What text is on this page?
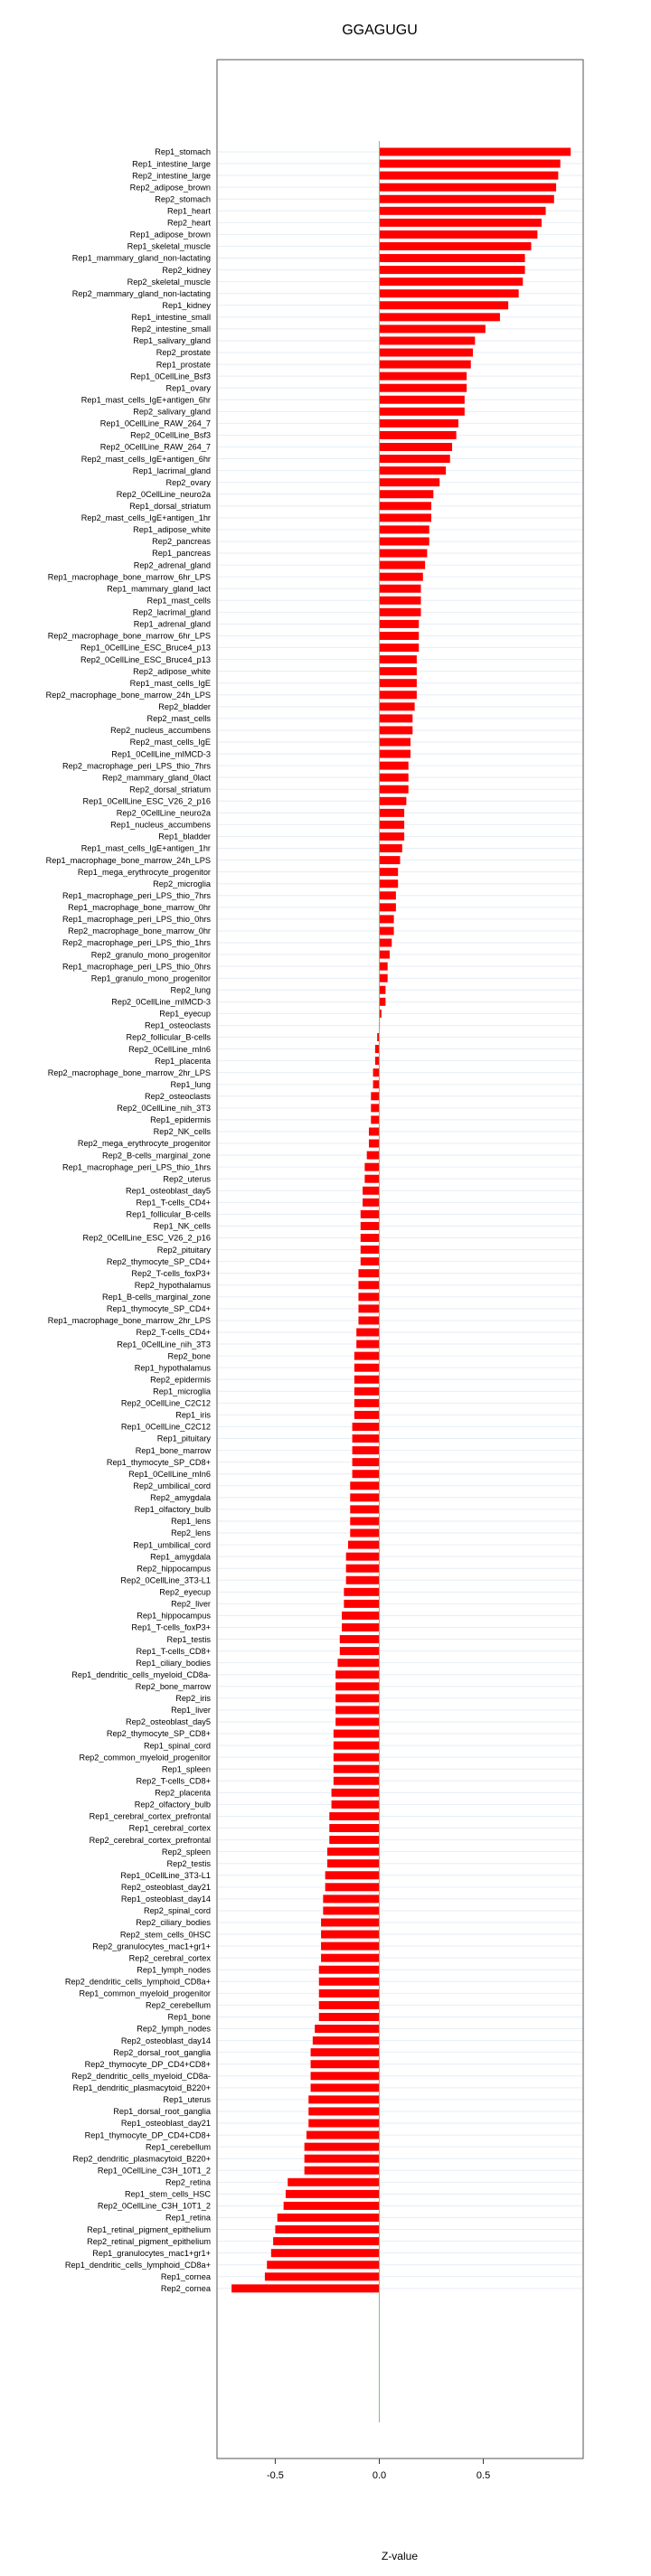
GGAGUGU
Rep1_stomach
Rep1_intestine_large
Rep2_intestine_large
Rep2_adipose_brown
Rep2_stomach
Rep1_heart
Rep2_heart
Rep1_adipose_brown
Rep1_skeletal_muscle
Rep1_mammary_gland_non-lactating
Rep2_kidney
Rep2_skeletal_muscle
Rep2_mammary_gland_non-lactating
Rep1_kidney
Rep1_intestine_small
Rep2_intestine_small
Rep1_salivary_gland
Rep2_prostate
Rep1_prostate
Rep1_0CellLine_Bsf3
Rep1_ovary
Rep1_mast_cells_IgE+antigen_6hr
Rep2_salivary_gland
Rep1_0CellLine_RAW_264_7
Rep2_0CellLine_Bsf3
Rep2_0CellLine_RAW_264_7
Rep2_mast_cells_IgE+antigen_6hr
Rep1_lacrimal_gland
Rep2_ovary
Rep2_0CellLine_neuro2a
Rep1_dorsal_striatum
Rep2_mast_cells_IgE+antigen_1hr
Rep1_adipose_white
Rep2_pancreas
Rep1_pancreas
Rep2_adrenal_gland
Rep1_macrophage_bone_marrow_6hr_LPS
Rep1_mammary_gland_lact
Rep1_mast_cells
Rep2_lacrimal_gland
Rep1_adrenal_gland
Rep2_macrophage_bone_marrow_6hr_LPS
Rep1_0CellLine_ESC_Bruce4_p13
Rep2_0CellLine_ESC_Bruce4_p13
Rep2_adipose_white
Rep1_mast_cells_IgE
Rep2_macrophage_bone_marrow_24h_LPS
Rep2_bladder
Rep2_mast_cells
Rep2_nucleus_accumbens
Rep2_mast_cells_IgE
Rep1_0CellLine_mIMCD-3
Rep2_macrophage_peri_LPS_thio_7hrs
Rep2_mammary_gland_0lact
Rep2_dorsal_striatum
Rep1_0CellLine_ESC_V26_2_p16
Rep2_0CellLine_neuro2a
Rep1_nucleus_accumbens
Rep1_bladder
Rep1_mast_cells_IgE+antigen_1hr
Rep1_macrophage_bone_marrow_24h_LPS
Rep1_mega_erythrocyte_progenitor
Rep2_microglia
Rep1_macrophage_peri_LPS_thio_7hrs
Rep1_macrophage_bone_marrow_0hr
Rep1_macrophage_peri_LPS_thio_0hrs
Rep2_macrophage_bone_marrow_0hr
Rep2_macrophage_peri_LPS_thio_1hrs
Rep2_granulo_mono_progenitor
Rep1_macrophage_peri_LPS_thio_0hrs
Rep1_granulo_mono_progenitor
Rep2_lung
Rep2_0CellLine_mIMCD-3
Rep1_eyecup
Rep1_osteoclasts
Rep2_follicular_B-cells
Rep2_0CellLine_mIn6
Rep1_placenta
Rep2_macrophage_bone_marrow_2hr_LPS
Rep1_lung
Rep2_osteoclasts
Rep2_0CellLine_nih_3T3
Rep1_epidermis
Rep2_NK_cells
Rep2_mega_erythrocyte_progenitor
Rep2_B-cells_marginal_zone
Rep1_macrophage_peri_LPS_thio_1hrs
Rep2_uterus
Rep1_osteoblast_day5
Rep1_T-cells_CD4+
Rep1_follicular_B-cells
Rep1_NK_cells
Rep2_0CellLine_ESC_V26_2_p16
Rep2_pituitary
Rep2_thymocyte_SP_CD4+
Rep2_T-cells_foxP3+
Rep2_hypothalamus
Rep1_B-cells_marginal_zone
Rep1_thymocyte_SP_CD4+
Rep1_macrophage_bone_marrow_2hr_LPS
Rep2_T-cells_CD4+
Rep1_0CellLine_nih_3T3
Rep2_bone
Rep1_hypothalamus
Rep2_epidermis
Rep1_microglia
Rep2_0CellLine_C2C12
Rep1_iris
Rep1_0CellLine_C2C12
Rep1_pituitary
Rep1_bone_marrow
Rep1_thymocyte_SP_CD8+
Rep1_0CellLine_mIn6
Rep2_umbilical_cord
Rep2_amygdala
Rep1_olfactory_bulb
Rep1_lens
Rep2_lens
Rep1_umbilical_cord
Rep1_amygdala
Rep2_hippocampus
Rep2_0CellLine_3T3-L1
Rep2_eyecup
Rep2_liver
Rep1_hippocampus
Rep1_T-cells_foxP3+
Rep1_testis
Rep1_T-cells_CD8+
Rep1_ciliary_bodies
Rep1_dendritic_cells_myeloid_CD8a-
Rep2_bone_marrow
Rep2_iris
Rep1_liver
Rep2_osteoblast_day5
Rep2_thymocyte_SP_CD8+
Rep1_spinal_cord
Rep2_common_myeloid_progenitor
Rep1_spleen
Rep2_T-cells_CD8+
Rep2_placenta
Rep2_olfactory_bulb
Rep1_cerebral_cortex_prefrontal
Rep1_cerebral_cortex
Rep2_cerebral_cortex_prefrontal
Rep2_spleen
Rep2_testis
Rep1_0CellLine_3T3-L1
Rep2_osteoblast_day21
Rep1_osteoblast_day14
Rep2_spinal_cord
Rep2_ciliary_bodies
Rep2_stem_cells_0HSC
Rep2_granulocytes_mac1+gr1+
Rep2_cerebral_cortex
Rep1_lymph_nodes
Rep2_dendritic_cells_lymphoid_CD8a+
Rep1_common_myeloid_progenitor
Rep2_cerebellum
Rep1_bone
Rep2_lymph_nodes
Rep2_osteoblast_day14
Rep2_dorsal_root_ganglia
Rep2_thymocyte_DP_CD4+CD8+
Rep2_dendritic_cells_myeloid_CD8a-
Rep1_dendritic_plasmacytoid_B220+
Rep1_uterus
Rep1_dorsal_root_ganglia
Rep1_osteoblast_day21
Rep1_thymocyte_DP_CD4+CD8+
Rep1_cerebellum
Rep2_dendritic_plasmacytoid_B220+
Rep1_0CellLine_C3H_10T1_2
Rep2_retina
Rep1_stem_cells_HSC
Rep2_0CellLine_C3H_10T1_2
Rep1_retina
Rep1_retinal_pigment_epithelium
Rep2_retinal_pigment_epithelium
Rep1_granulocytes_mac1+gr1+
Rep1_dendritic_cells_lymphoid_CD8a+
Rep1_cornea
Rep2_cornea
-0.5	0.0	0.5
Z-value
